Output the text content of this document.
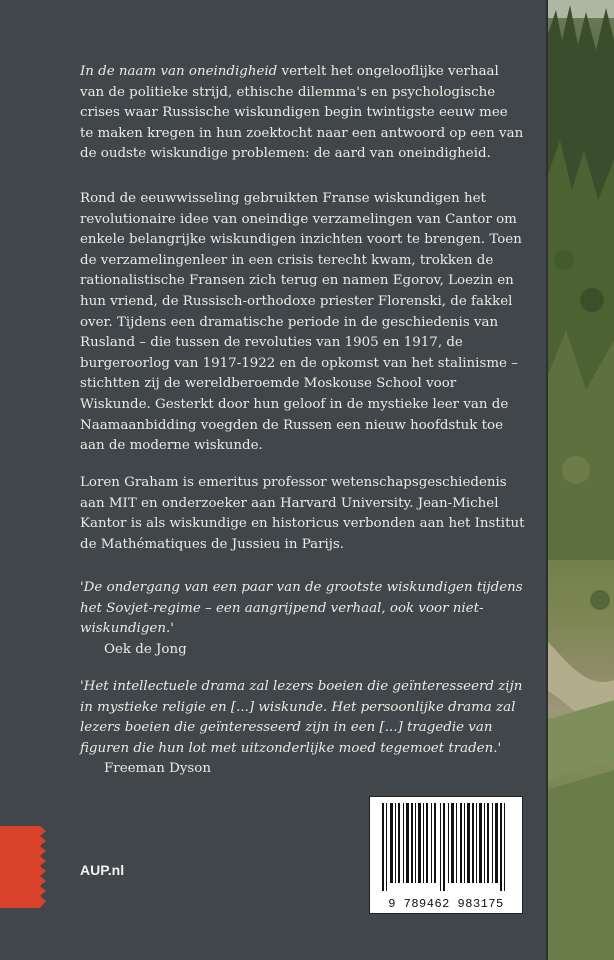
In de naam van oneindigheid vertelt het ongelooflijke verhaal van de politieke strijd, ethische dilemma's en psychologische crises waar Russische wiskundigen begin twintigste eeuw mee te maken kregen in hun zoektocht naar een antwoord op een van de oudste wiskundige problemen: de aard van oneindigheid.
Rond de eeuwwisseling gebruikten Franse wiskundigen het revolutionaire idee van oneindige verzamelingen van Cantor om enkele belangrijke wiskundigen inzichten voort te brengen. Toen de verzamelingenleer in een crisis terecht kwam, trokken de rationalistische Fransen zich terug en namen Egorov, Loezin en hun vriend, de Russisch-orthodoxe priester Florenski, de fakkel over. Tijdens een dramatische periode in de geschiedenis van Rusland – die tussen de revoluties van 1905 en 1917, de burgeroorlog van 1917-1922 en de opkomst van het stalinisme – stichtten zij de wereldberoemde Moskouse School voor Wiskunde. Gesterkt door hun geloof in de mystieke leer van de Naamaanbidding voegden de Russen een nieuw hoofdstuk toe aan de moderne wiskunde.
Loren Graham is emeritus professor wetenschapsgeschiedenis aan MIT en onderzoeker aan Harvard University. Jean-Michel Kantor is als wiskundige en historicus verbonden aan het Institut de Mathématiques de Jussieu in Parijs.
'De ondergang van een paar van de grootste wiskundigen tijdens het Sovjet-regime – een aangrijpend verhaal, ook voor niet-wiskundigen.'
Oek de Jong
'Het intellectuele drama zal lezers boeien die geïnteresseerd zijn in mystieke religie en [...] wiskunde. Het persoonlijke drama zal lezers boeien die geïnteresseerd zijn in een [...] tragedie van figuren die hun lot met uitzonderlijke moed tegemoet traden.'
Freeman Dyson
AUP.nl
9 789462 983175
